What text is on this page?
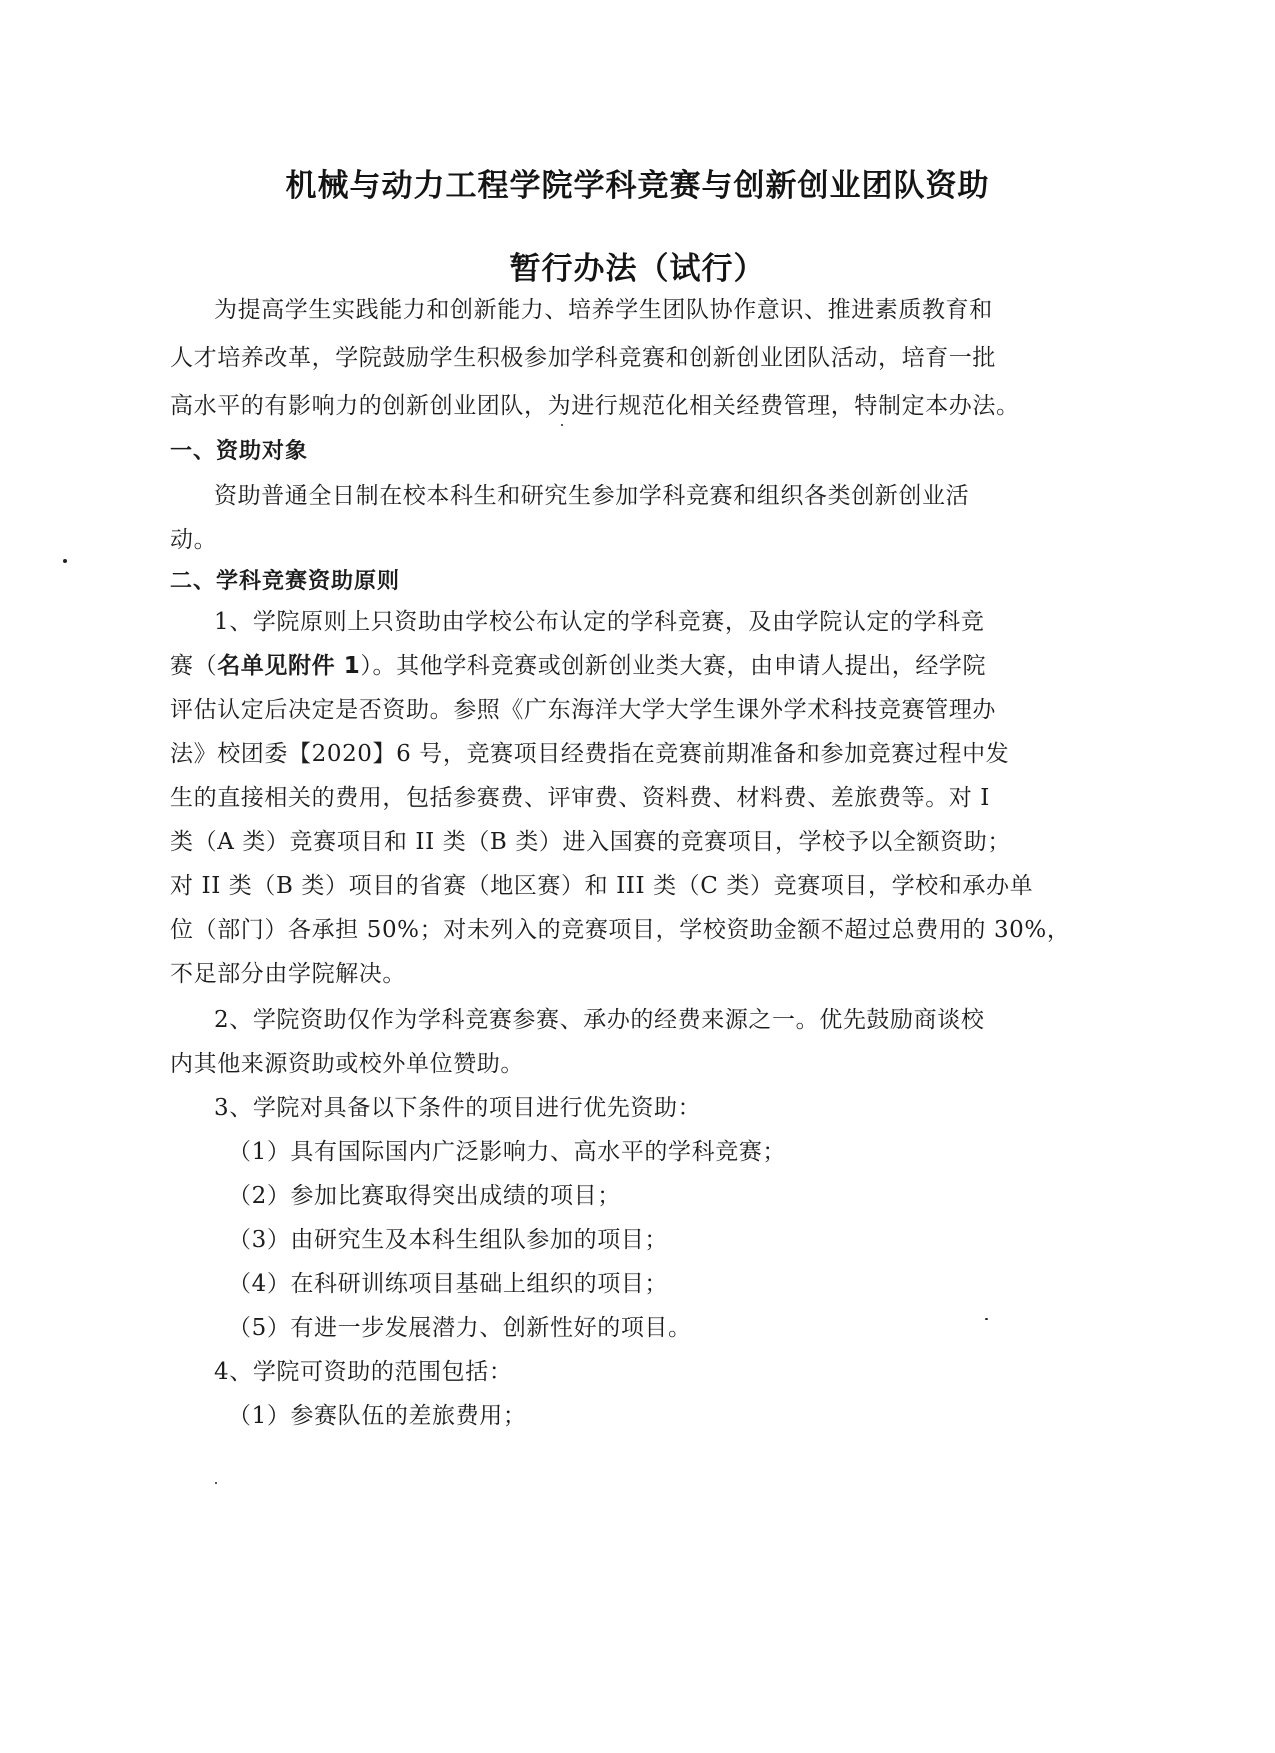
机械与动力工程学院学科竞赛与创新创业团队资助
暂行办法（试行）
为提高学生实践能力和创新能力、培养学生团队协作意识、推进素质教育和
人才培养改革，学院鼓励学生积极参加学科竞赛和创新创业团队活动，培育一批
高水平的有影响力的创新创业团队，为进行规范化相关经费管理，特制定本办法。
一、资助对象
资助普通全日制在校本科生和研究生参加学科竞赛和组织各类创新创业活
动。
二、学科竞赛资助原则
1、学院原则上只资助由学校公布认定的学科竞赛，及由学院认定的学科竞
赛（名单见附件 1）。其他学科竞赛或创新创业类大赛，由申请人提出，经学院
评估认定后决定是否资助。参照《广东海洋大学大学生课外学术科技竞赛管理办
法》校团委【2020】6 号，竞赛项目经费指在竞赛前期准备和参加竞赛过程中发
生的直接相关的费用，包括参赛费、评审费、资料费、材料费、差旅费等。对 I
类（A 类）竞赛项目和 II 类（B 类）进入国赛的竞赛项目，学校予以全额资助；
对 II 类（B 类）项目的省赛（地区赛）和 III 类（C 类）竞赛项目，学校和承办单
位（部门）各承担 50%；对未列入的竞赛项目，学校资助金额不超过总费用的 30%，
不足部分由学院解决。
2、学院资助仅作为学科竞赛参赛、承办的经费来源之一。优先鼓励商谈校
内其他来源资助或校外单位赞助。
3、学院对具备以下条件的项目进行优先资助：
（1）具有国际国内广泛影响力、高水平的学科竞赛；
（2）参加比赛取得突出成绩的项目；
（3）由研究生及本科生组队参加的项目；
（4）在科研训练项目基础上组织的项目；
（5）有进一步发展潜力、创新性好的项目。
4、学院可资助的范围包括：
（1）参赛队伍的差旅费用；
